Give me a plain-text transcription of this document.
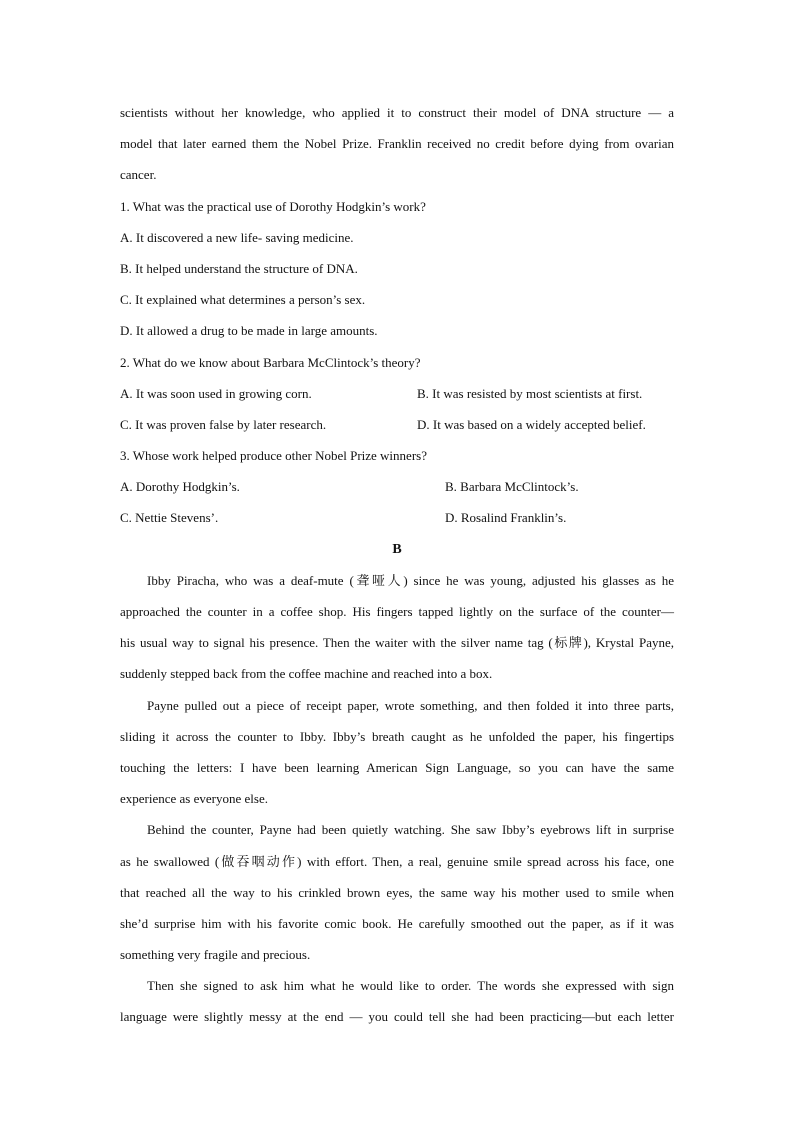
scientists without her knowledge, who applied it to construct their model of DNA structure — a
model that later earned them the Nobel Prize. Franklin received no credit before dying from ovarian
cancer.
1. What was the practical use of Dorothy Hodgkin’s work?
A. It discovered a new life- saving medicine.
B. It helped understand the structure of DNA.
C. It explained what determines a person’s sex.
D. It allowed a drug to be made in large amounts.
2. What do we know about Barbara McClintock’s theory?
A. It was soon used in growing corn.	B. It was resisted by most scientists at first.
C. It was proven false by later research.	D. It was based on a widely accepted belief.
3. Whose work helped produce other Nobel Prize winners?
A. Dorothy Hodgkin’s.	B. Barbara McClintock’s.
C. Nettie Stevens’.	D. Rosalind Franklin’s.
B
Ibby Piracha, who was a deaf-mute (聋哑人) since he was young, adjusted his glasses as he
approached the counter in a coffee shop. His fingers tapped lightly on the surface of the counter—
his usual way to signal his presence. Then the waiter with the silver name tag (标牌), Krystal Payne,
suddenly stepped back from the coffee machine and reached into a box.
Payne pulled out a piece of receipt paper, wrote something, and then folded it into three parts,
sliding it across the counter to Ibby. Ibby’s breath caught as he unfolded the paper, his fingertips
touching the letters: I have been learning American Sign Language, so you can have the same
experience as everyone else.
Behind the counter, Payne had been quietly watching. She saw Ibby’s eyebrows lift in surprise
as he swallowed (做吞咽动作) with effort. Then, a real, genuine smile spread across his face, one
that reached all the way to his crinkled brown eyes, the same way his mother used to smile when
she’d surprise him with his favorite comic book. He carefully smoothed out the paper, as if it was
something very fragile and precious.
Then she signed to ask him what he would like to order. The words she expressed with sign
language were slightly messy at the end — you could tell she had been practicing—but each letter
